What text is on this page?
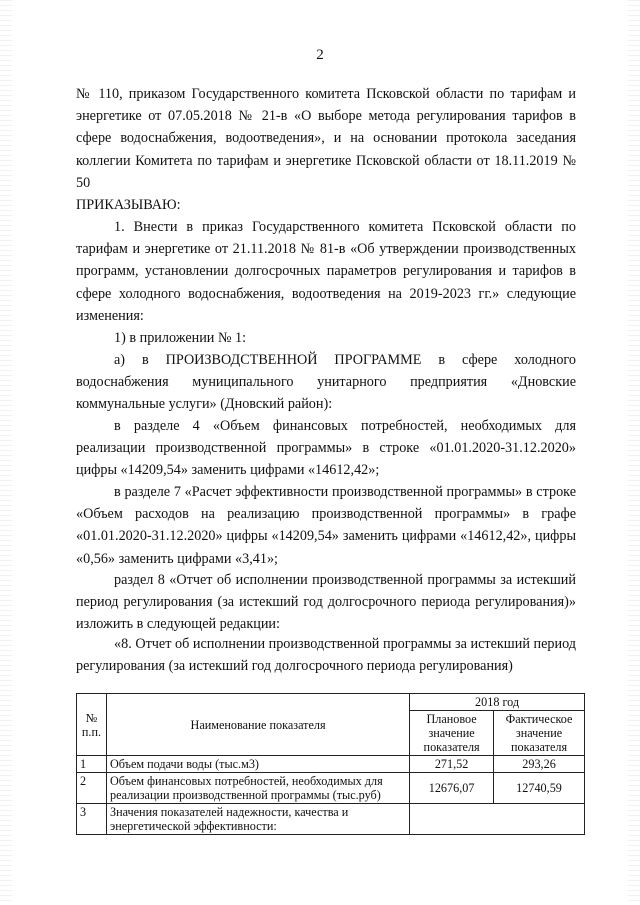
2

№ 110, приказом Государственного комитета Псковской области по тарифам и энергетике от 07.05.2018 № 21-в «О выборе метода регулирования тарифов в сфере водоснабжения, водоотведения», и на основании протокола заседания коллегии Комитета по тарифам и энергетике Псковской области от 18.11.2019 № 50

ПРИКАЗЫВАЮ:

1. Внести в приказ Государственного комитета Псковской области по тарифам и энергетике от 21.11.2018 № 81-в «Об утверждении производственных программ, установлении долгосрочных параметров регулирования и тарифов в сфере холодного водоснабжения, водоотведения на 2019-2023 гг.» следующие изменения:

1) в приложении № 1:

а) в ПРОИЗВОДСТВЕННОЙ ПРОГРАММЕ в сфере холодного водоснабжения муниципального унитарного предприятия «Дновские коммунальные услуги» (Дновский район):

в разделе 4 «Объем финансовых потребностей, необходимых для реализации производственной программы» в строке «01.01.2020-31.12.2020» цифры «14209,54» заменить цифрами «14612,42»;

в разделе 7 «Расчет эффективности производственной программы» в строке «Объем расходов на реализацию производственной программы» в графе «01.01.2020-31.12.2020» цифры «14209,54» заменить цифрами «14612,42», цифры «0,56» заменить цифрами «3,41»;

раздел 8 «Отчет об исполнении производственной программы за истекший период регулирования (за истекший год долгосрочного периода регулирования)» изложить в следующей редакции:

«8. Отчет об исполнении производственной программы за истекший период регулирования (за истекший год долгосрочного периода регулирования)

№ п.п.	Наименование показателя	2018 год	
		Плановое значение показателя	Фактическое значение показателя
1	Объем подачи воды (тыс.м3)	271,52	293,26
2	Объем финансовых потребностей, необходимых для реализации производственной программы (тыс.руб)	12676,07	12740,59
3	Значения показателей надежности, качества и энергетической эффективности:		
